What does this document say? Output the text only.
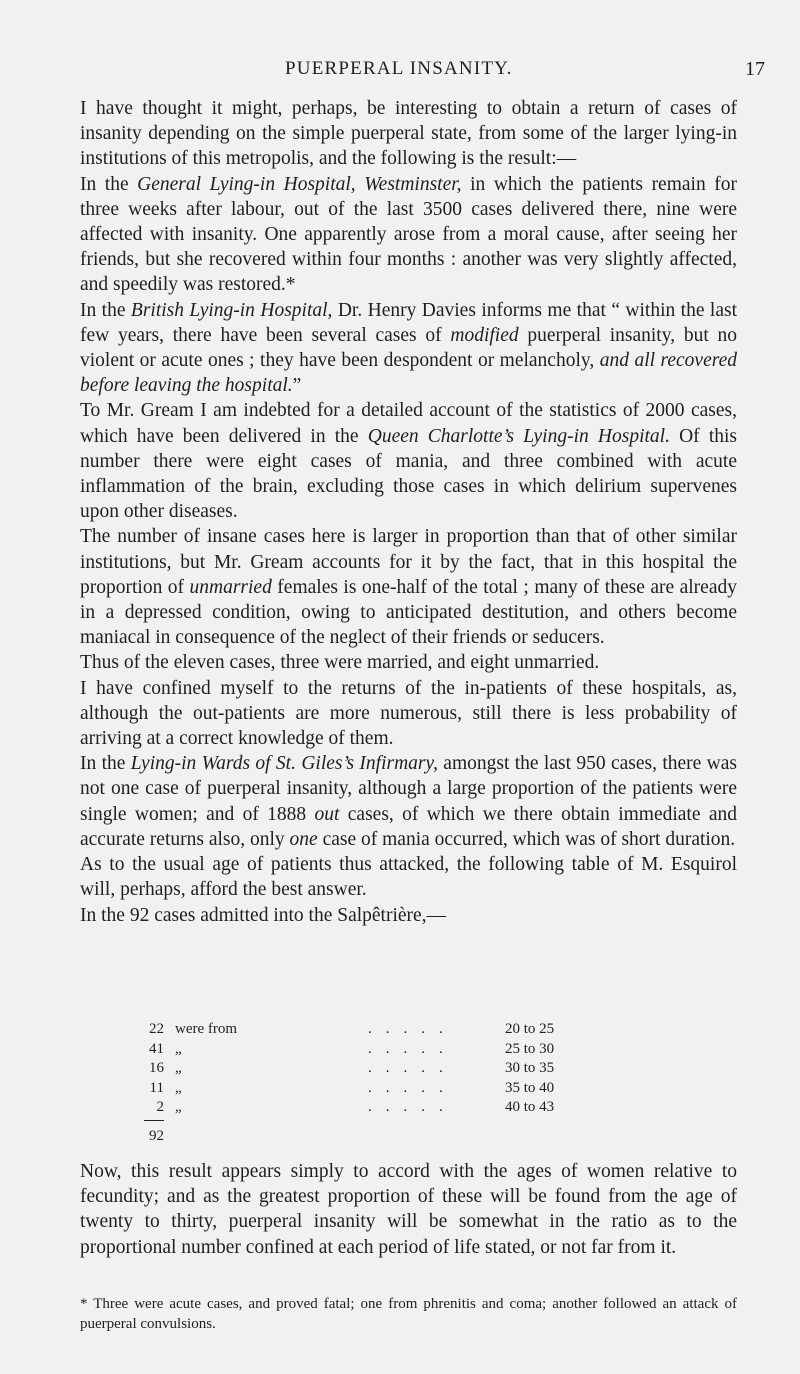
PUERPERAL INSANITY.	17

I have thought it might, perhaps, be interesting to obtain a return of cases of insanity depending on the simple puerperal state, from some of the larger lying-in institutions of this metropolis, and the following is the result:—

In the General Lying-in Hospital, Westminster, in which the patients remain for three weeks after labour, out of the last 3500 cases delivered there, nine were affected with insanity. One apparently arose from a moral cause, after seeing her friends, but she recovered within four months : another was very slightly affected, and speedily was restored.*

In the British Lying-in Hospital, Dr. Henry Davies informs me that “ within the last few years, there have been several cases of modified puerperal insanity, but no violent or acute ones ; they have been despondent or melancholy, and all recovered before leaving the hospital.”

To Mr. Gream I am indebted for a detailed account of the statistics of 2000 cases, which have been delivered in the Queen Charlotte’s Lying-in Hospital. Of this number there were eight cases of mania, and three combined with acute inflammation of the brain, excluding those cases in which delirium supervenes upon other diseases.

The number of insane cases here is larger in proportion than that of other similar institutions, but Mr. Gream accounts for it by the fact, that in this hospital the proportion of unmarried females is one-half of the total ; many of these are already in a depressed condition, owing to anticipated destitution, and others become maniacal in consequence of the neglect of their friends or seducers.

Thus of the eleven cases, three were married, and eight unmarried.

I have confined myself to the returns of the in-patients of these hospitals, as, although the out-patients are more numerous, still there is less probability of arriving at a correct knowledge of them.

In the Lying-in Wards of St. Giles’s Infirmary, amongst the last 950 cases, there was not one case of puerperal insanity, although a large proportion of the patients were single women; and of 1888 out cases, of which we there obtain immediate and accurate returns also, only one case of mania occurred, which was of short duration.

As to the usual age of patients thus attacked, the following table of M. Esquirol will, perhaps, afford the best answer.

In the 92 cases admitted into the Salpêtrière,—

22 were from	.....	20 to 25
41 „	.....	25 to 30
16 „	.....	30 to 35
11 „	.....	35 to 40
2 „	.....	40 to 43
92
Now, this result appears simply to accord with the ages of women relative to fecundity; and as the greatest proportion of these will be found from the age of twenty to thirty, puerperal insanity will be somewhat in the ratio as to the proportional number confined at each period of life stated, or not far from it.
* Three were acute cases, and proved fatal; one from phrenitis and coma; another followed an attack of puerperal convulsions.
